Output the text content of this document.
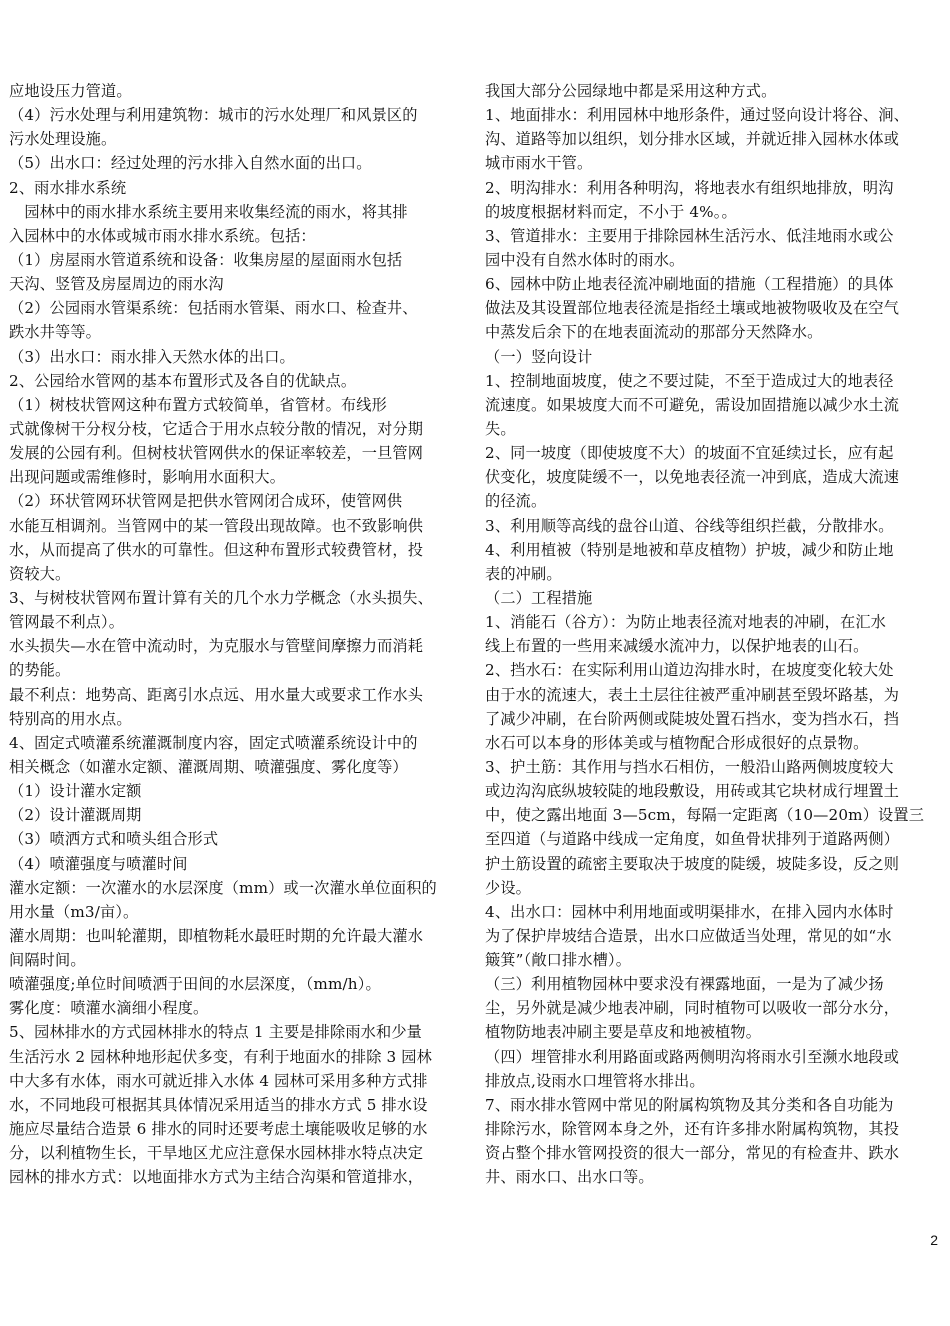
应地设压力管道。
（4）污水处理与利用建筑物：城市的污水处理厂和风景区的
污水处理设施。
（5）出水口：经过处理的污水排入自然水面的出口。
2、雨水排水系统
　园林中的雨水排水系统主要用来收集经流的雨水，将其排
入园林中的水体或城市雨水排水系统。包括：
（1）房屋雨水管道系统和设备：收集房屋的屋面雨水包括
天沟、竖管及房屋周边的雨水沟
（2）公园雨水管渠系统：包括雨水管渠、雨水口、检查井、
跌水井等等。
（3）出水口：雨水排入天然水体的出口。
2、公园给水管网的基本布置形式及各自的优缺点。
（1）树枝状管网这种布置方式较简单，省管材。布线形
式就像树干分杈分枝，它适合于用水点较分散的情况，对分期
发展的公园有利。但树枝状管网供水的保证率较差，一旦管网
出现问题或需维修时，影响用水面积大。
（2）环状管网环状管网是把供水管网闭合成环，使管网供
水能互相调剂。当管网中的某一管段出现故障。也不致影响供
水，从而提高了供水的可靠性。但这种布置形式较费管材，投
资较大。
3、与树枝状管网布置计算有关的几个水力学概念（水头损失、
管网最不利点）。
水头损失—水在管中流动时，为克服水与管壁间摩擦力而消耗
的势能。
最不利点：地势高、距离引水点远、用水量大或要求工作水头
特别高的用水点。
4、固定式喷灌系统灌溉制度内容，固定式喷灌系统设计中的
相关概念（如灌水定额、灌溉周期、喷灌强度、雾化度等）
（1）设计灌水定额
（2）设计灌溉周期
（3）喷洒方式和喷头组合形式
（4）喷灌强度与喷灌时间
灌水定额：一次灌水的水层深度（mm）或一次灌水单位面积的
用水量（m3/亩）。
灌水周期：也叫轮灌期，即植物耗水最旺时期的允许最大灌水
间隔时间。
喷灌强度;单位时间喷洒于田间的水层深度，（mm/h）。
雾化度：喷灌水滴细小程度。
5、园林排水的方式园林排水的特点 1 主要是排除雨水和少量
生活污水 2 园林种地形起伏多变，有利于地面水的排除 3 园林
中大多有水体，雨水可就近排入水体 4 园林可采用多种方式排
水，不同地段可根据其具体情况采用适当的排水方式 5 排水设
施应尽量结合造景 6 排水的同时还要考虑土壤能吸收足够的水
分，以利植物生长，干旱地区尤应注意保水园林排水特点决定
园林的排水方式：以地面排水方式为主结合沟渠和管道排水，
我国大部分公园绿地中都是采用这种方式。
1、地面排水：利用园林中地形条件，通过竖向设计将谷、涧、
沟、道路等加以组织，划分排水区域，并就近排入园林水体或
城市雨水干管。
2、明沟排水：利用各种明沟，将地表水有组织地排放，明沟
的坡度根据材料而定，不小于 4%。。
3、管道排水：主要用于排除园林生活污水、低洼地雨水或公
园中没有自然水体时的雨水。
6、园林中防止地表径流冲刷地面的措施（工程措施）的具体
做法及其设置部位地表径流是指经土壤或地被物吸收及在空气
中蒸发后余下的在地表面流动的那部分天然降水。
（一）竖向设计
1、控制地面坡度，使之不要过陡，不至于造成过大的地表径
流速度。如果坡度大而不可避免，需设加固措施以减少水土流
失。
2、同一坡度（即使坡度不大）的坡面不宜延续过长，应有起
伏变化，坡度陡缓不一，以免地表径流一冲到底，造成大流速
的径流。
3、利用顺等高线的盘谷山道、谷线等组织拦截，分散排水。
4、利用植被（特别是地被和草皮植物）护坡，减少和防止地
表的冲刷。
（二）工程措施
1、消能石（谷方）：为防止地表径流对地表的冲刷，在汇水
线上布置的一些用来减缓水流冲力，以保护地表的山石。
2、挡水石：在实际利用山道边沟排水时，在坡度变化较大处
由于水的流速大，表土土层往往被严重冲刷甚至毁坏路基，为
了减少冲刷，在台阶两侧或陡坡处置石挡水，变为挡水石，挡
水石可以本身的形体美或与植物配合形成很好的点景物。
3、护土筋：其作用与挡水石相仿，一般沿山路两侧坡度较大
或边沟沟底纵坡较陡的地段敷设，用砖或其它块材成行埋置土
中，使之露出地面 3—5cm，每隔一定距离（10—20m）设置三
至四道（与道路中线成一定角度，如鱼骨状排列于道路两侧）
护土筋设置的疏密主要取决于坡度的陡缓，坡陡多设，反之则
少设。
4、出水口：园林中利用地面或明渠排水，在排入园内水体时
为了保护岸坡结合造景，出水口应做适当处理，常见的如“水
簸箕”（敞口排水槽）。
（三）利用植物园林中要求没有裸露地面，一是为了减少扬
尘，另外就是减少地表冲刷，同时植物可以吸收一部分水分，
植物防地表冲刷主要是草皮和地被植物。
（四）埋管排水利用路面或路两侧明沟将雨水引至濒水地段或
排放点,设雨水口埋管将水排出。
7、雨水排水管网中常见的附属构筑物及其分类和各自功能为
排除污水，除管网本身之外，还有许多排水附属构筑物，其投
资占整个排水管网投资的很大一部分，常见的有检查井、跌水
井、雨水口、出水口等。
2
